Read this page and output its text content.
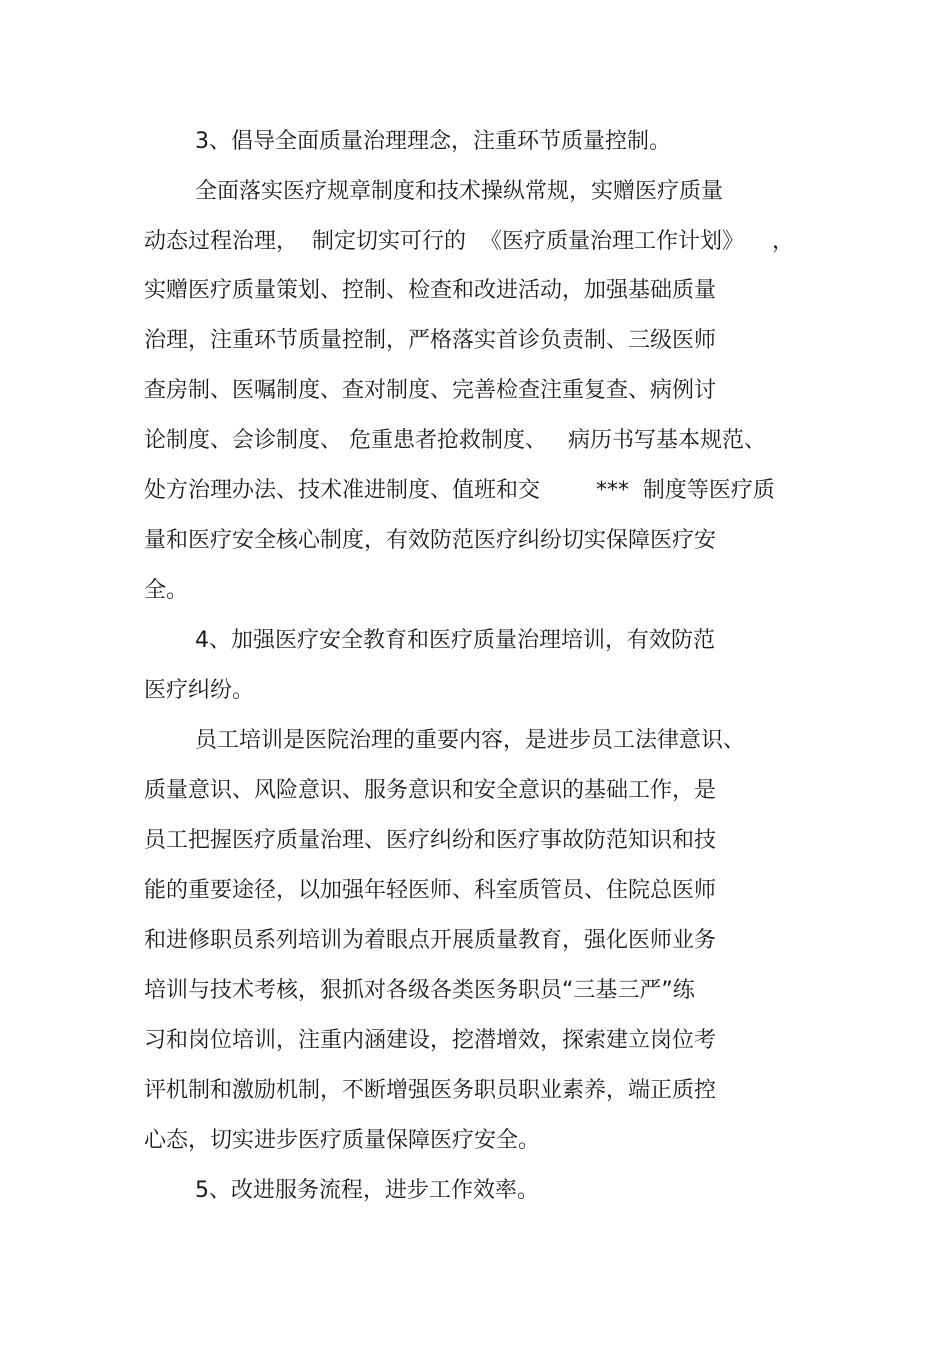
3、倡导全面质量治理理念，注重环节质量控制。
全面落实医疗规章制度和技术操纵常规，实赠医疗质量
动态过程治理，  制定切实可行的  《医疗质量治理工作计划》    ，
实赠医疗质量策划、控制、检查和改进活动，加强基础质量
治理，注重环节质量控制，严格落实首诊负责制、三级医师
查房制、医嘱制度、查对制度、完善检查注重复查、病例讨
论制度、会诊制度、 危重患者抢救制度、   病历书写基本规范、
处方治理办法、技术准进制度、值班和交        ***  制度等医疗质
量和医疗安全核心制度，有效防范医疗纠纷切实保障医疗安
全。
4、加强医疗安全教育和医疗质量治理培训，有效防范
医疗纠纷。
员工培训是医院治理的重要内容，是进步员工法律意识、
质量意识、风险意识、服务意识和安全意识的基础工作，是
员工把握医疗质量治理、医疗纠纷和医疗事故防范知识和技
能的重要途径，以加强年轻医师、科室质管员、住院总医师
和进修职员系列培训为着眼点开展质量教育，强化医师业务
培训与技术考核，狠抓对各级各类医务职员“三基三严”练
习和岗位培训，注重内涵建设，挖潜增效，探索建立岗位考
评机制和激励机制，不断增强医务职员职业素养，端正质控
心态，切实进步医疗质量保障医疗安全。
5、改进服务流程，进步工作效率。
